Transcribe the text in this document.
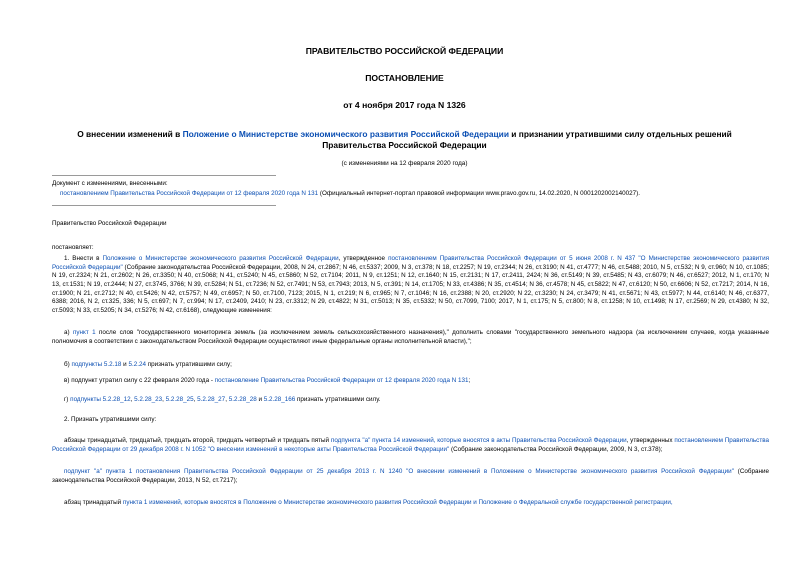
ПРАВИТЕЛЬСТВО РОССИЙСКОЙ ФЕДЕРАЦИИ
ПОСТАНОВЛЕНИЕ
от 4 ноября 2017 года N 1326
О внесении изменений в Положение о Министерстве экономического развития Российской Федерации и признании утратившими силу отдельных решений Правительства Российской Федерации
(с изменениями на 12 февраля 2020 года)
Документ с изменениями, внесенными:
постановлением Правительства Российской Федерации от 12 февраля 2020 года N 131 (Официальный интернет-портал правовой информации www.pravo.gov.ru, 14.02.2020, N 0001202002140027).
Правительство Российской Федерации
постановляет:
1. Внести в Положение о Министерстве экономического развития Российской Федерации, утвержденное постановлением Правительства Российской Федерации от 5 июня 2008 г. N 437 "О Министерстве экономического развития Российской Федерации" (Собрание законодательства Российской Федерации, 2008, N 24, ст.2867; N 46, ст.5337; 2009, N 3, ст.378; N 18, ст.2257; N 19, ст.2344; N 26, ст.3190; N 41, ст.4777; N 46, ст.5488; 2010, N 5, ст.532; N 9, ст.960; N 10, ст.1085; N 19, ст.2324; N 21, ст.2602; N 26, ст.3350; N 40, ст.5068; N 41, ст.5240; N 45, ст.5860; N 52, ст.7104; 2011, N 9, ст.1251; N 12, ст.1640; N 15, ст.2131; N 17, ст.2411, 2424; N 36, ст.5149; N 39, ст.5485; N 43, ст.6079; N 46, ст.6527; 2012, N 1, ст.170; N 13, ст.1531; N 19, ст.2444; N 27, ст.3745, 3766; N 39, ст.5284; N 51, ст.7236; N 52, ст.7491; N 53, ст.7943; 2013, N 5, ст.391; N 14, ст.1705; N 33, ст.4386; N 35, ст.4514; N 36, ст.4578; N 45, ст.5822; N 47, ст.6120; N 50, ст.6606; N 52, ст.7217; 2014, N 16, ст.1900; N 21, ст.2712; N 40, ст.5426; N 42, ст.5757; N 49, ст.6957; N 50, ст.7100, 7123; 2015, N 1, ст.219; N 6, ст.965; N 7, ст.1046; N 16, ст.2388; N 20, ст.2920; N 22, ст.3230; N 24, ст.3479; N 41, ст.5671; N 43, ст.5977; N 44, ст.6140; N 46, ст.6377, 6388; 2016, N 2, ст.325, 336; N 5, ст.697; N 7, ст.994; N 17, ст.2409, 2410; N 23, ст.3312; N 29, ст.4822; N 31, ст.5013; N 35, ст.5332; N 50, ст.7099, 7100; 2017, N 1, ст.175; N 5, ст.800; N 8, ст.1258; N 10, ст.1498; N 17, ст.2569; N 29, ст.4380; N 32, ст.5093; N 33, ст.5205; N 34, ст.5276; N 42, ст.6168), следующие изменения:
а) пункт 1 после слов "государственного мониторинга земель (за исключением земель сельскохозяйственного назначения)," дополнить словами "государственного земельного надзора (за исключением случаев, когда указанные полномочия в соответствии с законодательством Российской Федерации осуществляют иные федеральные органы исполнительной власти),";
б) подпункты 5.2.18 и 5.2.24 признать утратившими силу;
в) подпункт утратил силу с 22 февраля 2020 года - постановление Правительства Российской Федерации от 12 февраля 2020 года N 131;
г) подпункты 5.2.28_12, 5.2.28_23, 5.2.28_25, 5.2.28_27, 5.2.28_28 и 5.2.28_166 признать утратившими силу.
2. Признать утратившими силу:
абзацы тринадцатый, тридцатый, тридцать второй, тридцать четвертый и тридцать пятый подпункта "а" пункта 14 изменений, которые вносятся в акты Правительства Российской Федерации, утвержденных постановлением Правительства Российской Федерации от 29 декабря 2008 г. N 1052 "О внесении изменений в некоторые акты Правительства Российской Федерации" (Собрание законодательства Российской Федерации, 2009, N 3, ст.378);
подпункт "а" пункта 1 постановления Правительства Российской Федерации от 25 декабря 2013 г. N 1240 "О внесении изменений в Положение о Министерстве экономического развития Российской Федерации" (Собрание законодательства Российской Федерации, 2013, N 52, ст.7217);
абзац тринадцатый пункта 1 изменений, которые вносятся в Положение о Министерстве экономического развития Российской Федерации и Положение о Федеральной службе государственной регистрации,
